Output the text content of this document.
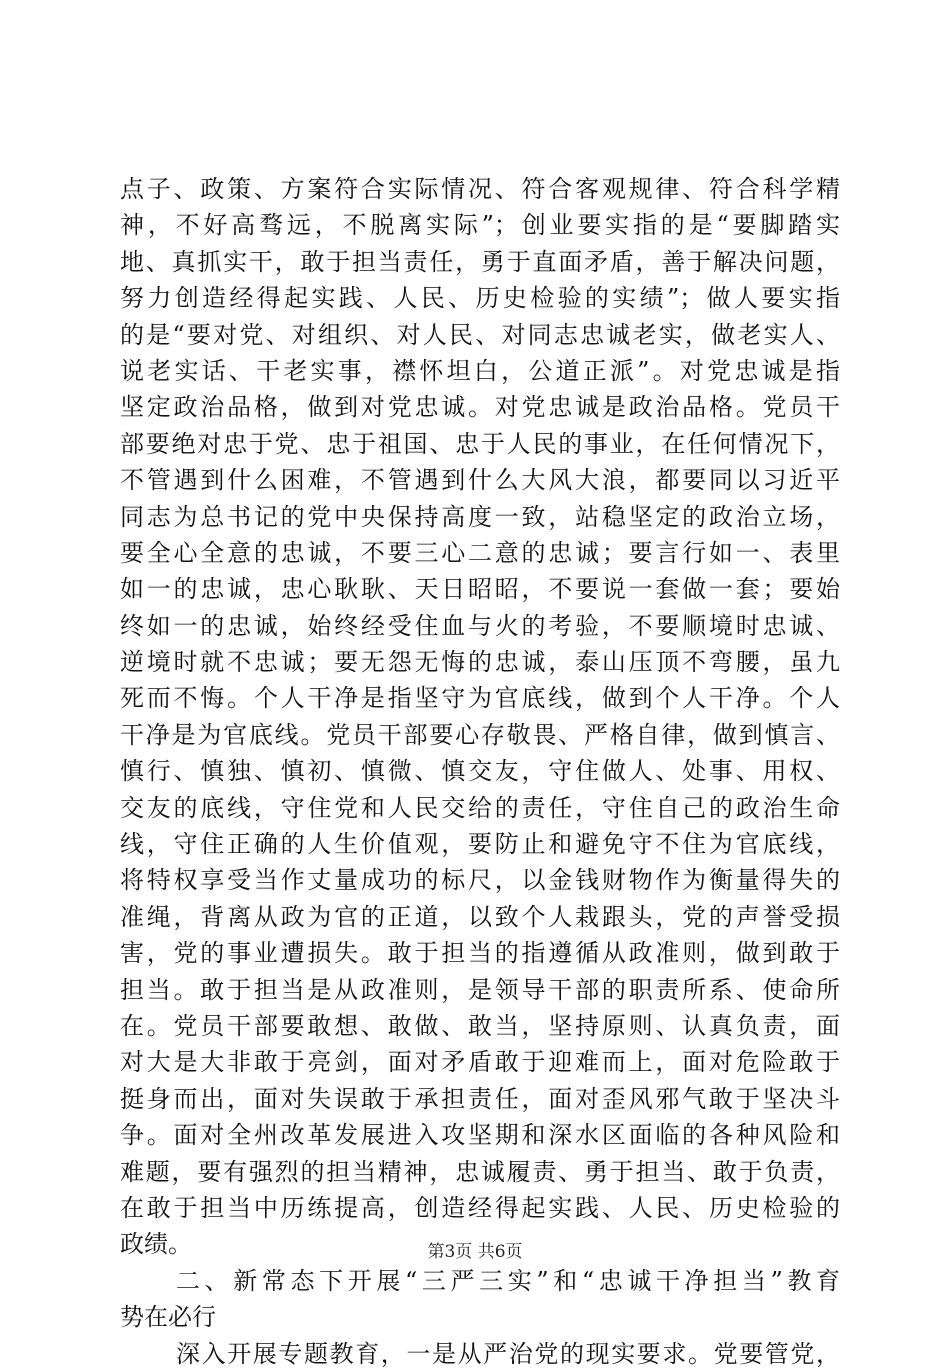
点子、政策、方案符合实际情况、符合客观规律、符合科学精
神，不好高骛远，不脱离实际”；创业要实指的是“要脚踏实
地、真抓实干，敢于担当责任，勇于直面矛盾，善于解决问题，
努力创造经得起实践、人民、历史检验的实绩”；做人要实指
的是“要对党、对组织、对人民、对同志忠诚老实，做老实人、
说老实话、干老实事，襟怀坦白，公道正派”。对党忠诚是指
坚定政治品格，做到对党忠诚。对党忠诚是政治品格。党员干
部要绝对忠于党、忠于祖国、忠于人民的事业，在任何情况下，
不管遇到什么困难，不管遇到什么大风大浪，都要同以习近平
同志为总书记的党中央保持高度一致，站稳坚定的政治立场，
要全心全意的忠诚，不要三心二意的忠诚；要言行如一、表里
如一的忠诚，忠心耿耿、天日昭昭，不要说一套做一套；要始
终如一的忠诚，始终经受住血与火的考验，不要顺境时忠诚、
逆境时就不忠诚；要无怨无悔的忠诚，泰山压顶不弯腰，虽九
死而不悔。个人干净是指坚守为官底线，做到个人干净。个人
干净是为官底线。党员干部要心存敬畏、严格自律，做到慎言、
慎行、慎独、慎初、慎微、慎交友，守住做人、处事、用权、
交友的底线，守住党和人民交给的责任，守住自己的政治生命
线，守住正确的人生价值观，要防止和避免守不住为官底线，
将特权享受当作丈量成功的标尺，以金钱财物作为衡量得失的
准绳，背离从政为官的正道，以致个人栽跟头，党的声誉受损
害，党的事业遭损失。敢于担当的指遵循从政准则，做到敢于
担当。敢于担当是从政准则，是领导干部的职责所系、使命所
在。党员干部要敢想、敢做、敢当，坚持原则、认真负责，面
对大是大非敢于亮剑，面对矛盾敢于迎难而上，面对危险敢于
挺身而出，面对失误敢于承担责任，面对歪风邪气敢于坚决斗
争。面对全州改革发展进入攻坚期和深水区面临的各种风险和
难题，要有强烈的担当精神，忠诚履责、勇于担当、敢于负责，
在敢于担当中历练提高，创造经得起实践、人民、历史检验的
政绩。
二、新常态下开展“三严三实”和“忠诚干净担当”教育
势在必行
深入开展专题教育，一是从严治党的现实要求。党要管党，
第3页 共6页
